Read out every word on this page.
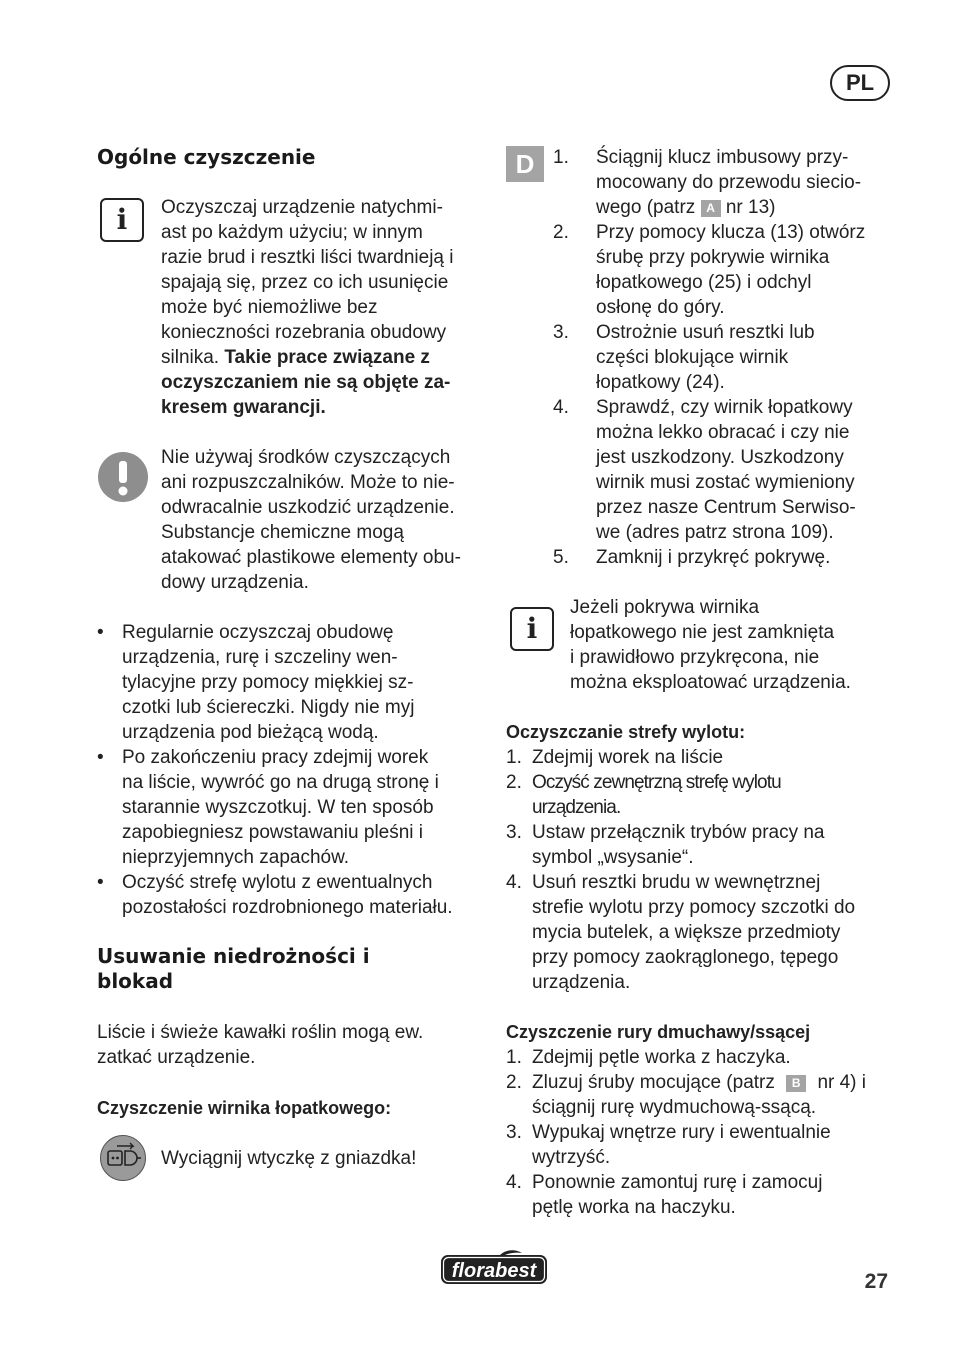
PL
Ogólne czyszczenie
i	Oczyszczaj urządzenie natychmi-
ast po każdym użyciu; w innym
razie brud i resztki liści twardnieją i
spajają się, przez co ich usunięcie
może być niemożliwe bez
konieczności rozebrania obudowy
silnika. Takie prace związane z
oczyszczaniem nie są objęte za-
kresem gwarancji.
Nie używaj środków czyszczących
ani rozpuszczalników. Może to nie-
odwracalnie uszkodzić urządzenie.
Substancje chemiczne mogą
atakować plastikowe elementy obu-
dowy urządzenia.
• Regularnie oczyszczaj obudowę
urządzenia, rurę i szczeliny wen-
tylacyjne przy pomocy miękkiej sz-
czotki lub ściereczki. Nigdy nie myj
urządzenia pod bieżącą wodą.
• Po zakończeniu pracy zdejmij worek
na liście, wywróć go na drugą stronę i
starannie wyszczotkuj. W ten sposób
zapobiegniesz powstawaniu pleśni i
nieprzyjemnych zapachów.
• Oczyść strefę wylotu z ewentualnych
pozostałości rozdrobnionego materiału.
Usuwanie niedrożności i
blokad
Liście i świeże kawałki roślin mogą ew.
zatkać urządzenie.
Czyszczenie wirnika łopatkowego:
Wyciągnij wtyczkę z gniazdka!
D 1. Ściągnij klucz imbusowy przy-
mocowany do przewodu siecio-
wego (patrz A nr 13)
2. Przy pomocy klucza (13) otwórz
śrubę przy pokrywie wirnika
łopatkowego (25) i odchyl
osłonę do góry.
3. Ostrożnie usuń resztki lub
części blokujące wirnik
łopatkowy (24).
4. Sprawdź, czy wirnik łopatkowy
można lekko obracać i czy nie
jest uszkodzony. Uszkodzony
wirnik musi zostać wymieniony
przez nasze Centrum Serwiso-
we (adres patrz strona 109).
5. Zamknij i przykręć pokrywę.
i
Jeżeli pokrywa wirnika
łopatkowego nie jest zamknięta
i prawidłowo przykręcona, nie
można eksploatować urządzenia.
Oczyszczanie strefy wylotu:
1. Zdejmij worek na liście
2. Oczyść zewnętrzną strefę wylotu
urządzenia.
3. Ustaw przełącznik trybów pracy na
symbol „wsysanie“.
4. Usuń resztki brudu w wewnętrznej
strefie wylotu przy pomocy szczotki do
mycia butelek, a większe przedmioty
przy pomocy zaokrąglonego, tępego
urządzenia.
Czyszczenie rury dmuchawy/ssącej
1. Zdejmij pętle worka z haczyka.
2. Zluzuj śruby mocujące (patrz B nr 4) i
ściągnij rurę wydmuchową-ssącą.
3. Wypukaj wnętrze rury i ewentualnie
wytrzyść.
4. Ponownie zamontuj rurę i zamocuj
pętlę worka na haczyku.
florabest	27
